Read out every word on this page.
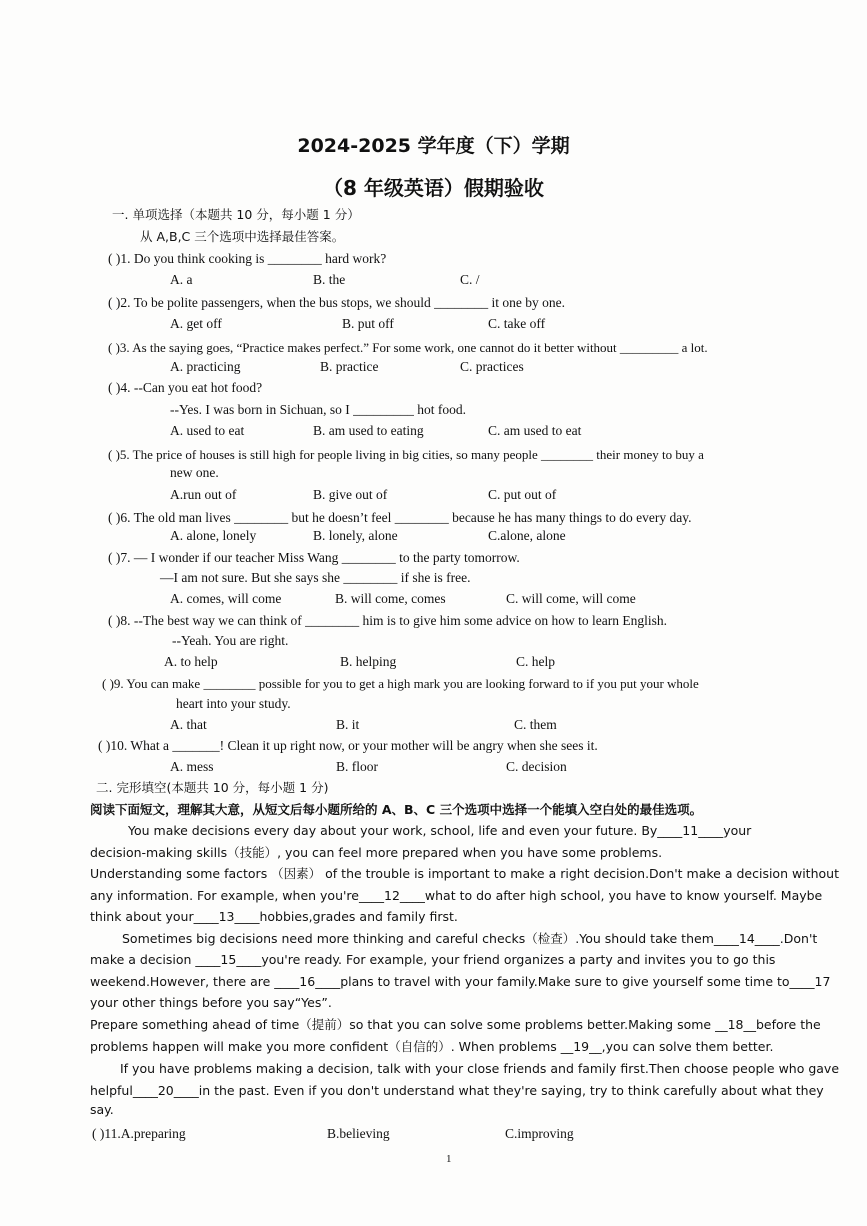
2024-2025 学年度（下）学期
（8 年级英语）假期验收
一. 单项选择（本题共 10 分，每小题 1 分）
从 A,B,C 三个选项中选择最佳答案。
( )1. Do you think cooking is ________ hard work?
A. a	B. the	C. /
( )2. To be polite passengers, when the bus stops, we should ________ it one by one.
A. get off	B. put off	C. take off
( )3. As the saying goes, “Practice makes perfect.” For some work, one cannot do it better without _________ a lot.
A. practicing	B. practice	C. practices
( )4. --Can you eat hot food?
--Yes. I was born in Sichuan, so I _________ hot food.
A. used to eat	B. am used to eating	C. am used to eat
( )5. The price of houses is still high for people living in big cities, so many people ________ their money to buy a
new one.
A.run out of	B. give out of	C. put out of
( )6. The old man lives ________ but he doesn’t feel ________ because he has many things to do every day.
A. alone, lonely	B. lonely, alone	C.alone, alone
( )7. — I wonder if our teacher Miss Wang ________ to the party tomorrow.
—I am not sure. But she says she ________ if she is free.
A. comes, will come	B. will come, comes	C. will come, will come
( )8. --The best way we can think of ________ him is to give him some advice on how to learn English.
--Yeah. You are right.
A. to help	B. helping	C. help
( )9. You can make ________ possible for you to get a high mark you are looking forward to if you put your whole
heart into your study.
A. that	B. it	C. them
( )10. What a _______! Clean it up right now, or your mother will be angry when she sees it.
A. mess	B. floor	C. decision
二. 完形填空(本题共 10 分，每小题 1 分)
阅读下面短文，理解其大意，从短文后每小题所给的 A、B、C 三个选项中选择一个能填入空白处的最佳选项。
You make decisions every day about your work, school, life and even your future. By____11____your
decision-making skills（技能）, you can feel more prepared when you have some problems.
Understanding some factors （因素） of the trouble is important to make a right decision.Don't make a decision without
any information. For example, when you're____12____what to do after high school, you have to know yourself. Maybe
think about your____13____hobbies,grades and family first.
Sometimes big decisions need more thinking and careful checks（检查）.You should take them____14____.Don't
make a decision ____15____you're ready. For example, your friend organizes a party and invites you to go this
weekend.However, there are ____16____plans to travel with your family.Make sure to give yourself some time to____17
your other things before you say“Yes”.
Prepare something ahead of time（提前）so that you can solve some problems better.Making some __18__before the
problems happen will make you more confident（自信的）. When problems __19__,you can solve them better.
If you have problems making a decision, talk with your close friends and family first.Then choose people who gave
helpful____20____in the past. Even if you don't understand what they're saying, try to think carefully about what they
say.
( )11.A.preparing	B.believing	C.improving
1
